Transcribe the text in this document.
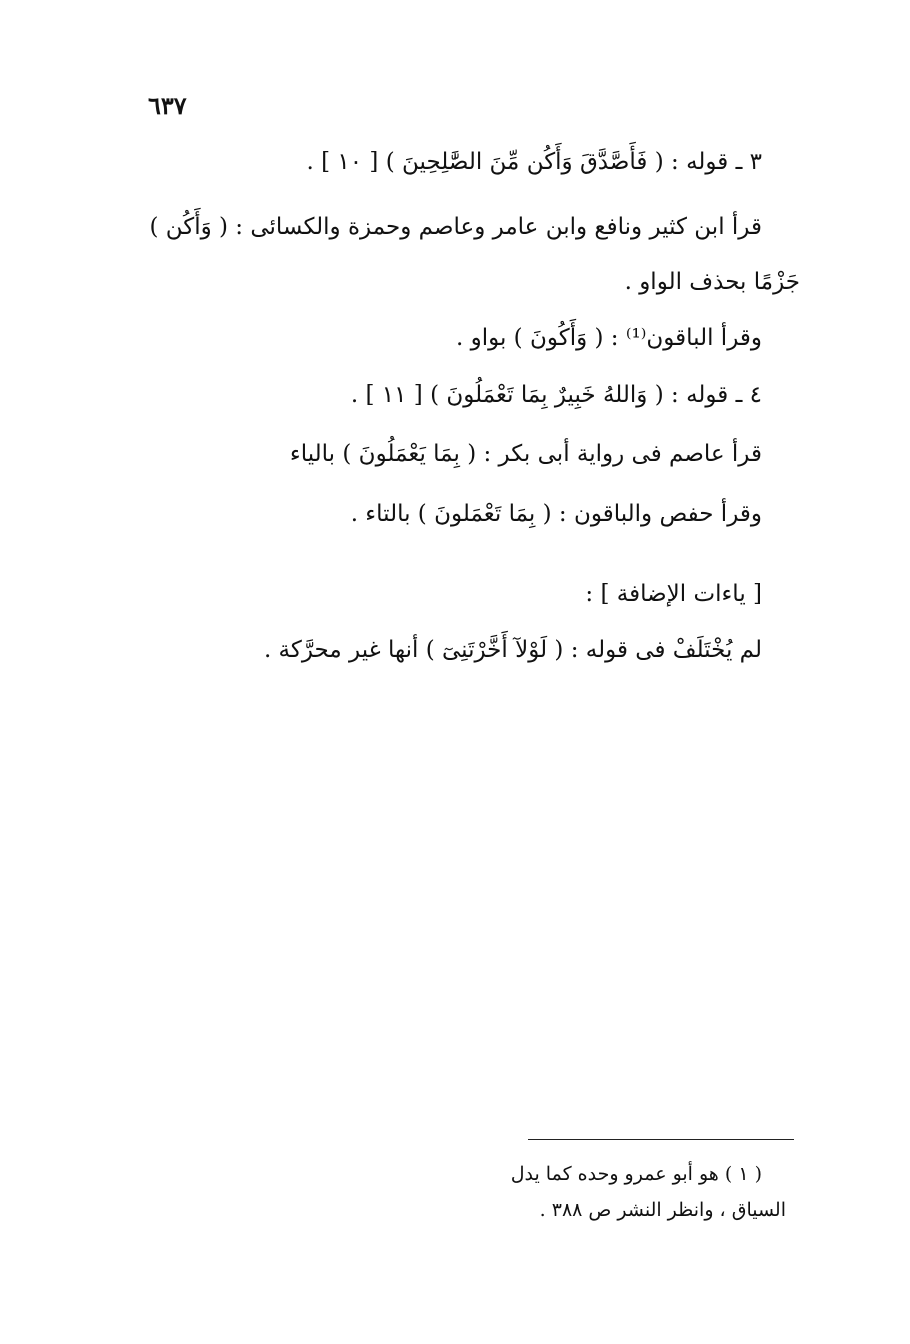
٦٣٧
٣ ـ قوله : ( فَأَصَّدَّقَ وَأَكُن مِّنَ الصَّٰلِحِينَ ) [ ١٠ ] .
قرأ ابن كثير ونافع وابن عامر وعاصم وحمزة والكسائى : ( وَأَكُن )
جَزْمًا بحذف الواو .
وقرأ الباقون⁽¹⁾ : ( وَأَكُونَ ) بواو .
٤ ـ قوله : ( وَاللهُ خَبِيرٌ بِمَا تَعْمَلُونَ ) [ ١١ ] .
قرأ عاصم فى رواية أبى بكر : ( بِمَا يَعْمَلُونَ ) بالياء
وقرأ حفص والباقون : ( بِمَا تَعْمَلونَ ) بالتاء .
[ ياءات الإضافة ] :
لم يُخْتَلَفْ فى قوله : ( لَوْلآ أَخَّرْتَنِىٓ ) أنها غير محرَّكة .
( ١ ) هو أبو عمرو وحده كما يدل
السياق ، وانظر النشر ص ٣٨٨ .
